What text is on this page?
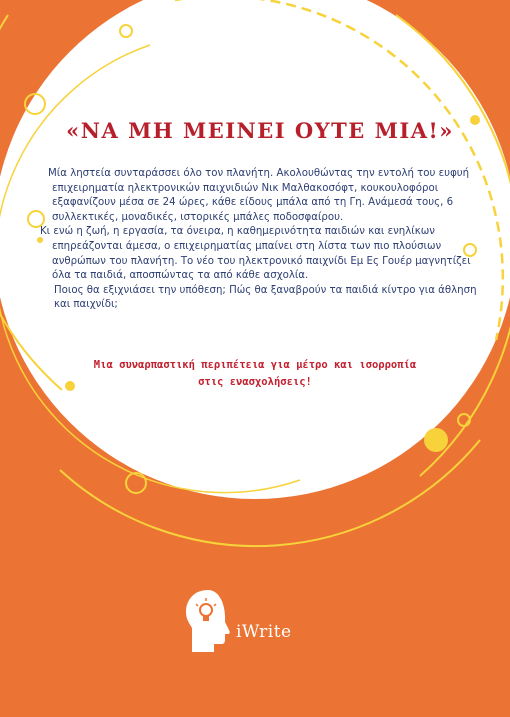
«ΝΑ ΜΗ ΜΕΙΝΕΙ ΟΥΤΕ ΜΙΑ!»

Μία ληστεία συνταράσσει όλο τον πλανήτη. Ακολουθώντας την εντολή του ευφυή επιχειρηματία ηλεκτρονικών παιχνιδιών Νικ Μαλθακοσόφτ, κουκουλοφόροι εξαφανίζουν μέσα σε 24 ώρες, κάθε είδους μπάλα από τη Γη. Ανάμεσά τους, 6 συλλεκτικές, μοναδικές, ιστορικές μπάλες ποδοσφαίρου.

Κι ενώ η ζωή, η εργασία, τα όνειρα, η καθημερινότητα παιδιών και ενηλίκων επηρεάζονται άμεσα, ο επιχειρηματίας μπαίνει στη λίστα των πιο πλούσιων ανθρώπων του πλανήτη. Το νέο του ηλεκτρονικό παιχνίδι Εμ Ες Γουέρ μαγνητίζει όλα τα παιδιά, αποσπώντας τα από κάθε ασχολία.

Ποιος θα εξιχνιάσει την υπόθεση; Πώς θα ξαναβρούν τα παιδιά κίντρο για άθληση και παιχνίδι;

Μια συναρπαστική περιπέτεια για μέτρο και ισορροπία στις ενασχολήσεις!

iWrite
